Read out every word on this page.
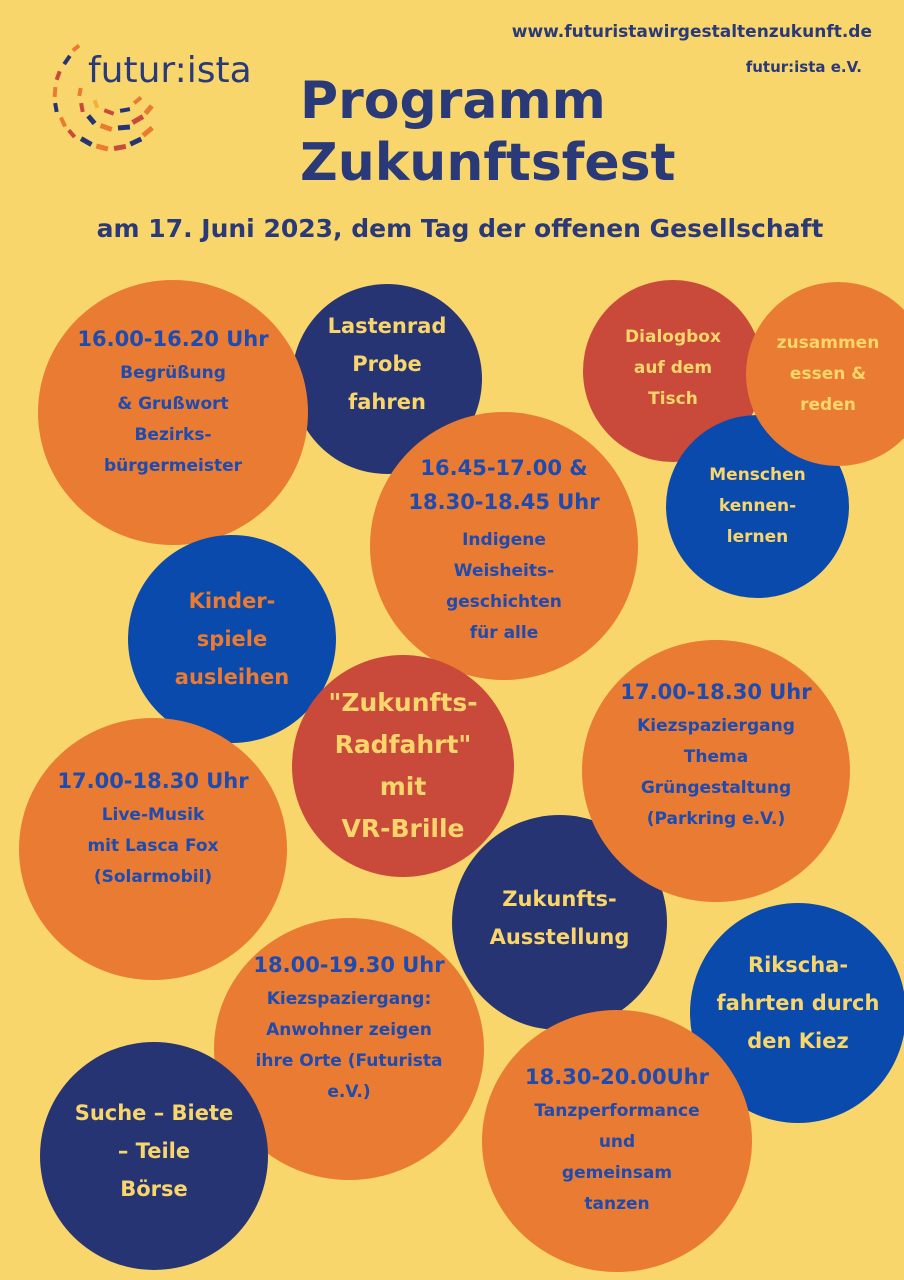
futur:ista
www.futuristawirgestaltenzukunft.de
futur:ista e.V.
Programm
Zukunftsfest
am 17. Juni 2023, dem Tag der offenen Gesellschaft
Lastenrad
Probe
fahren
16.00-16.20 Uhr
Begrüßung
& Grußwort
Bezirks-
bürgermeister
Dialogbox
auf dem
Tisch
Menschen
kennen-
lernen
zusammen
essen &
reden
Kinder-
spiele
ausleihen
16.45-17.00 &
18.30-18.45 Uhr
Indigene
Weisheits-
geschichten
für alle
17.00-18.30 Uhr
Live-Musik
mit Lasca Fox
(Solarmobil)
Zukunfts-
Ausstellung
"Zukunfts-
Radfahrt"
mit
VR-Brille
17.00-18.30 Uhr
Kiezspaziergang
Thema
Grüngestaltung
(Parkring e.V.)
Rikscha-
fahrten durch
den Kiez
18.00-19.30 Uhr
Kiezspaziergang:
Anwohner zeigen
ihre Orte (Futurista
e.V.)
18.30-20.00Uhr
Tanzperformance
und
gemeinsam
tanzen
Suche – Biete
– Teile
Börse
